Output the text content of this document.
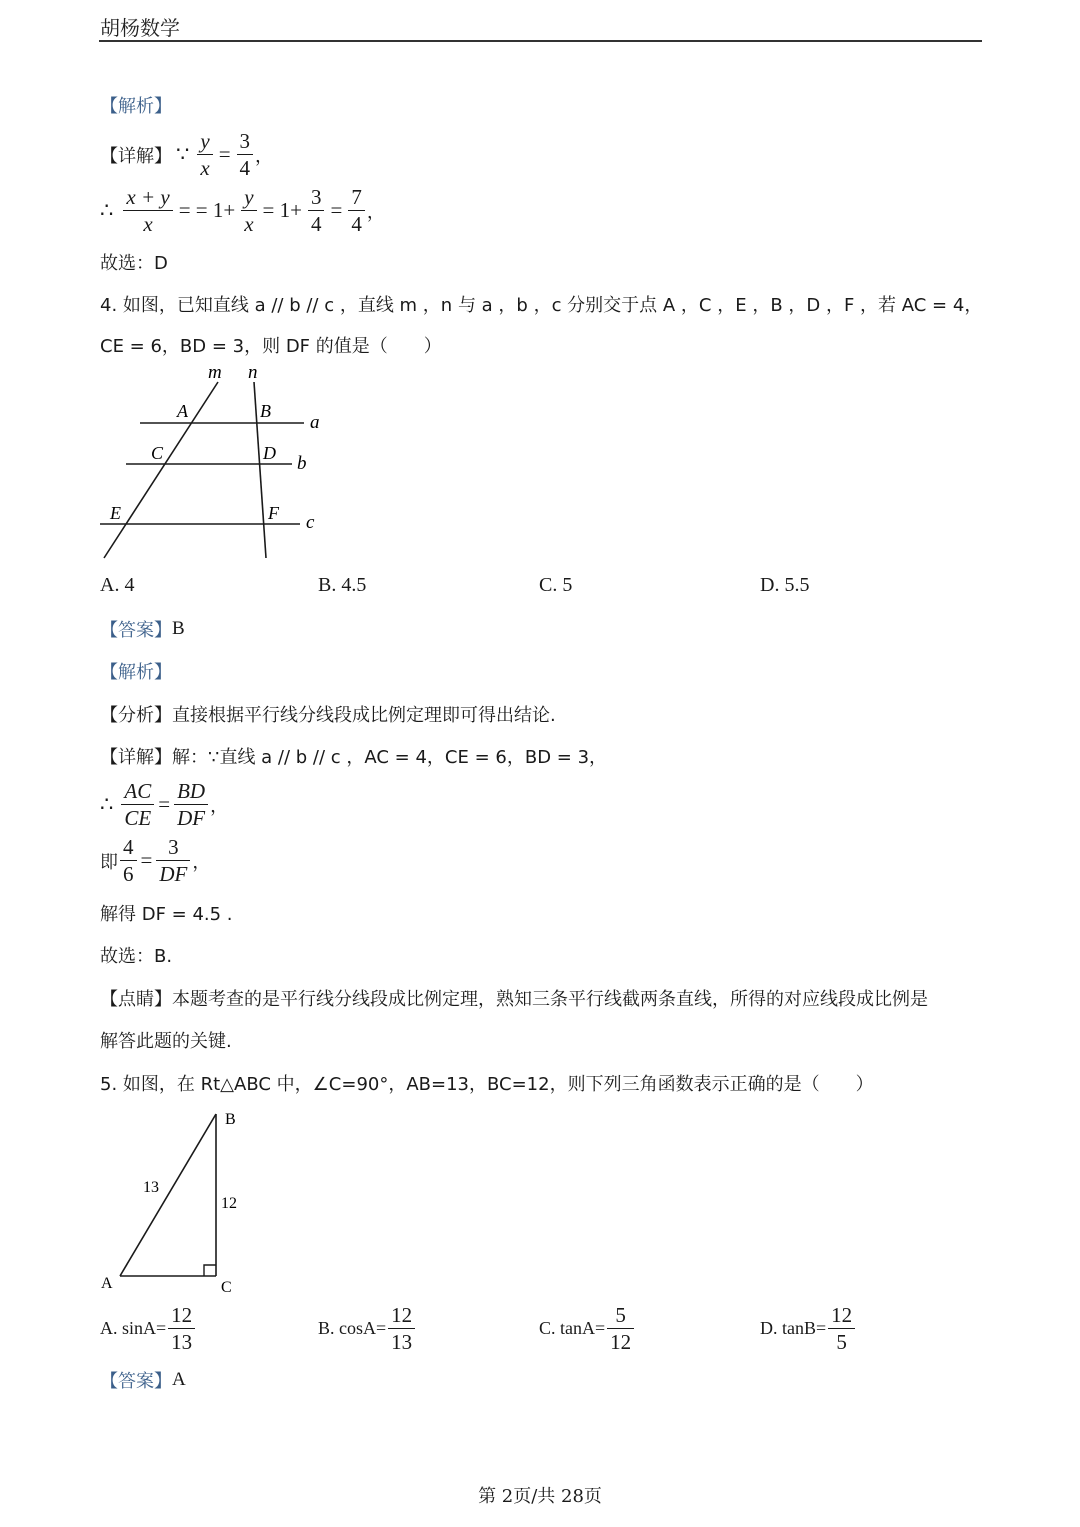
胡杨数学
【解析】
【详解】 ∵ $\frac{y}{x} = \frac{3}{4}$ ，
∴ $\frac{x + y}{x}$ = = $1+ \frac{y}{x} = 1+ \frac{3}{4} = \frac{7}{4}$ ，
故选：D
4. 如图，已知直线 a // b // c ，直线 m ，n 与 a ，b ，c 分别交于点 A ，C ，E ，B ，D ，F ，若 AC = 4，
CE = 6，BD = 3，则 DF 的值是（　　）
m n
a
b
c
A	B
C	D
E	F
A. 4	B. 4.5	C. 5	D. 5.5
【答案】 B
【解析】
【分析】 直接根据平行线分线段成比例定理即可得出结论.
【详解】 解：∵直线 a // b // c ，AC = 4，CE = 6，BD = 3，
∴ $\frac{AC}{CE} = \frac{BD}{DF}$ ，
即 $\frac{4}{6} = \frac{3}{DF}$ ，
解得 DF = 4.5 .
故选：B.
【点睛】 本题考查的是平行线分线段成比例定理，熟知三条平行线截两条直线，所得的对应线段成比例是
解答此题的关键.
5. 如图，在 Rt△ABC 中，∠C=90°，AB=13，BC=12，则下列三角函数表示正确的是（　　）
B
A	C
13
12
A. $\sin A= \frac{12}{13}$	B. $\cos A= \frac{12}{13}$	C. $\tan A= \frac{5}{12}$	D. $\tan B= \frac{12}{5}$
【答案】 A
第 2页/共 28页
